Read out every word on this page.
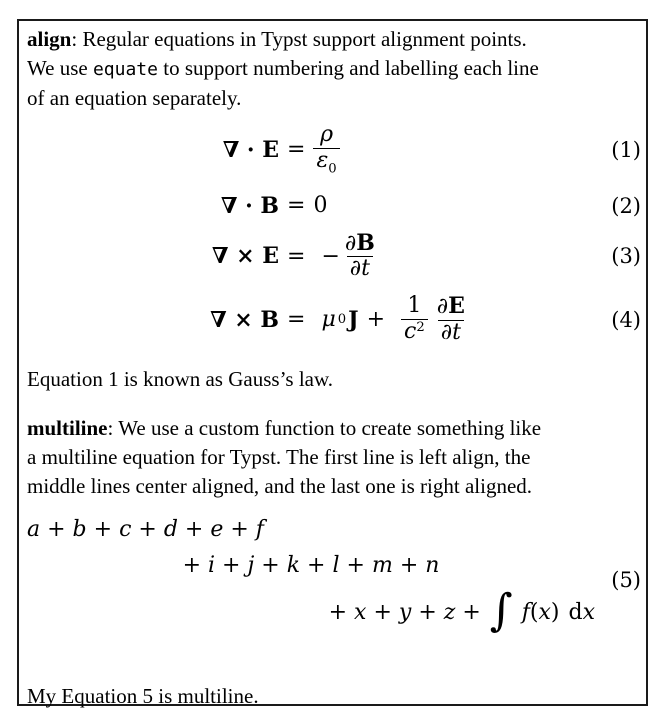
align: Regular equations in Typst support alignment points.
We use equate to support numbering and labelling each line
of an equation separately.

∇ · $E = \frac{\rho}{\varepsilon_0}$	(1)
∇ · B = 0	(2)
∇ × E = − $\frac{\partial B}{\partial t}$	(3)
∇ × B = μ 0 $J + \frac{1}{c^2} \frac{\partial E}{\partial t}$	(4)

Equation 1 is known as Gauss’s law.

multiline: We use a custom function to create something like
a multiline equation for Typst. The first line is left align, the
middle lines center aligned, and the last one is right aligned.

a + b + c + d + e + f
+ i + j + k + l + m + n
+ x + y + z + ∫ f(x) dx
(5)

My Equation 5 is multiline.
